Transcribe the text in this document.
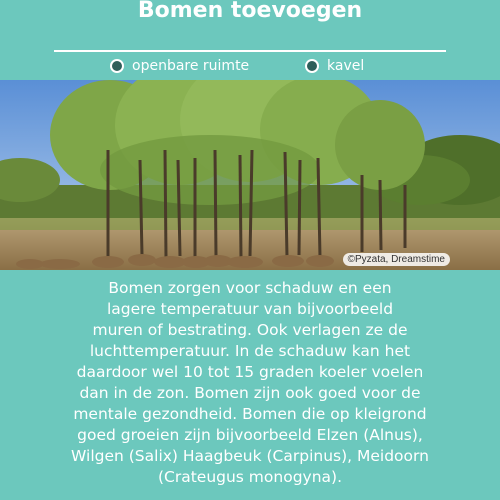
Bomen toevoegen
openbare ruimte	kavel
©Pyzata, Dreamstime
Bomen zorgen voor schaduw en een
lagere temperatuur van bijvoorbeeld
muren of bestrating. Ook verlagen ze de
luchttemperatuur. In de schaduw kan het
daardoor wel 10 tot 15 graden koeler voelen
dan in de zon. Bomen zijn ook goed voor de
mentale gezondheid. Bomen die op kleigrond
goed groeien zijn bijvoorbeeld Elzen (Alnus),
Wilgen (Salix) Haagbeuk (Carpinus), Meidoorn
(Crateugus monogyna).
